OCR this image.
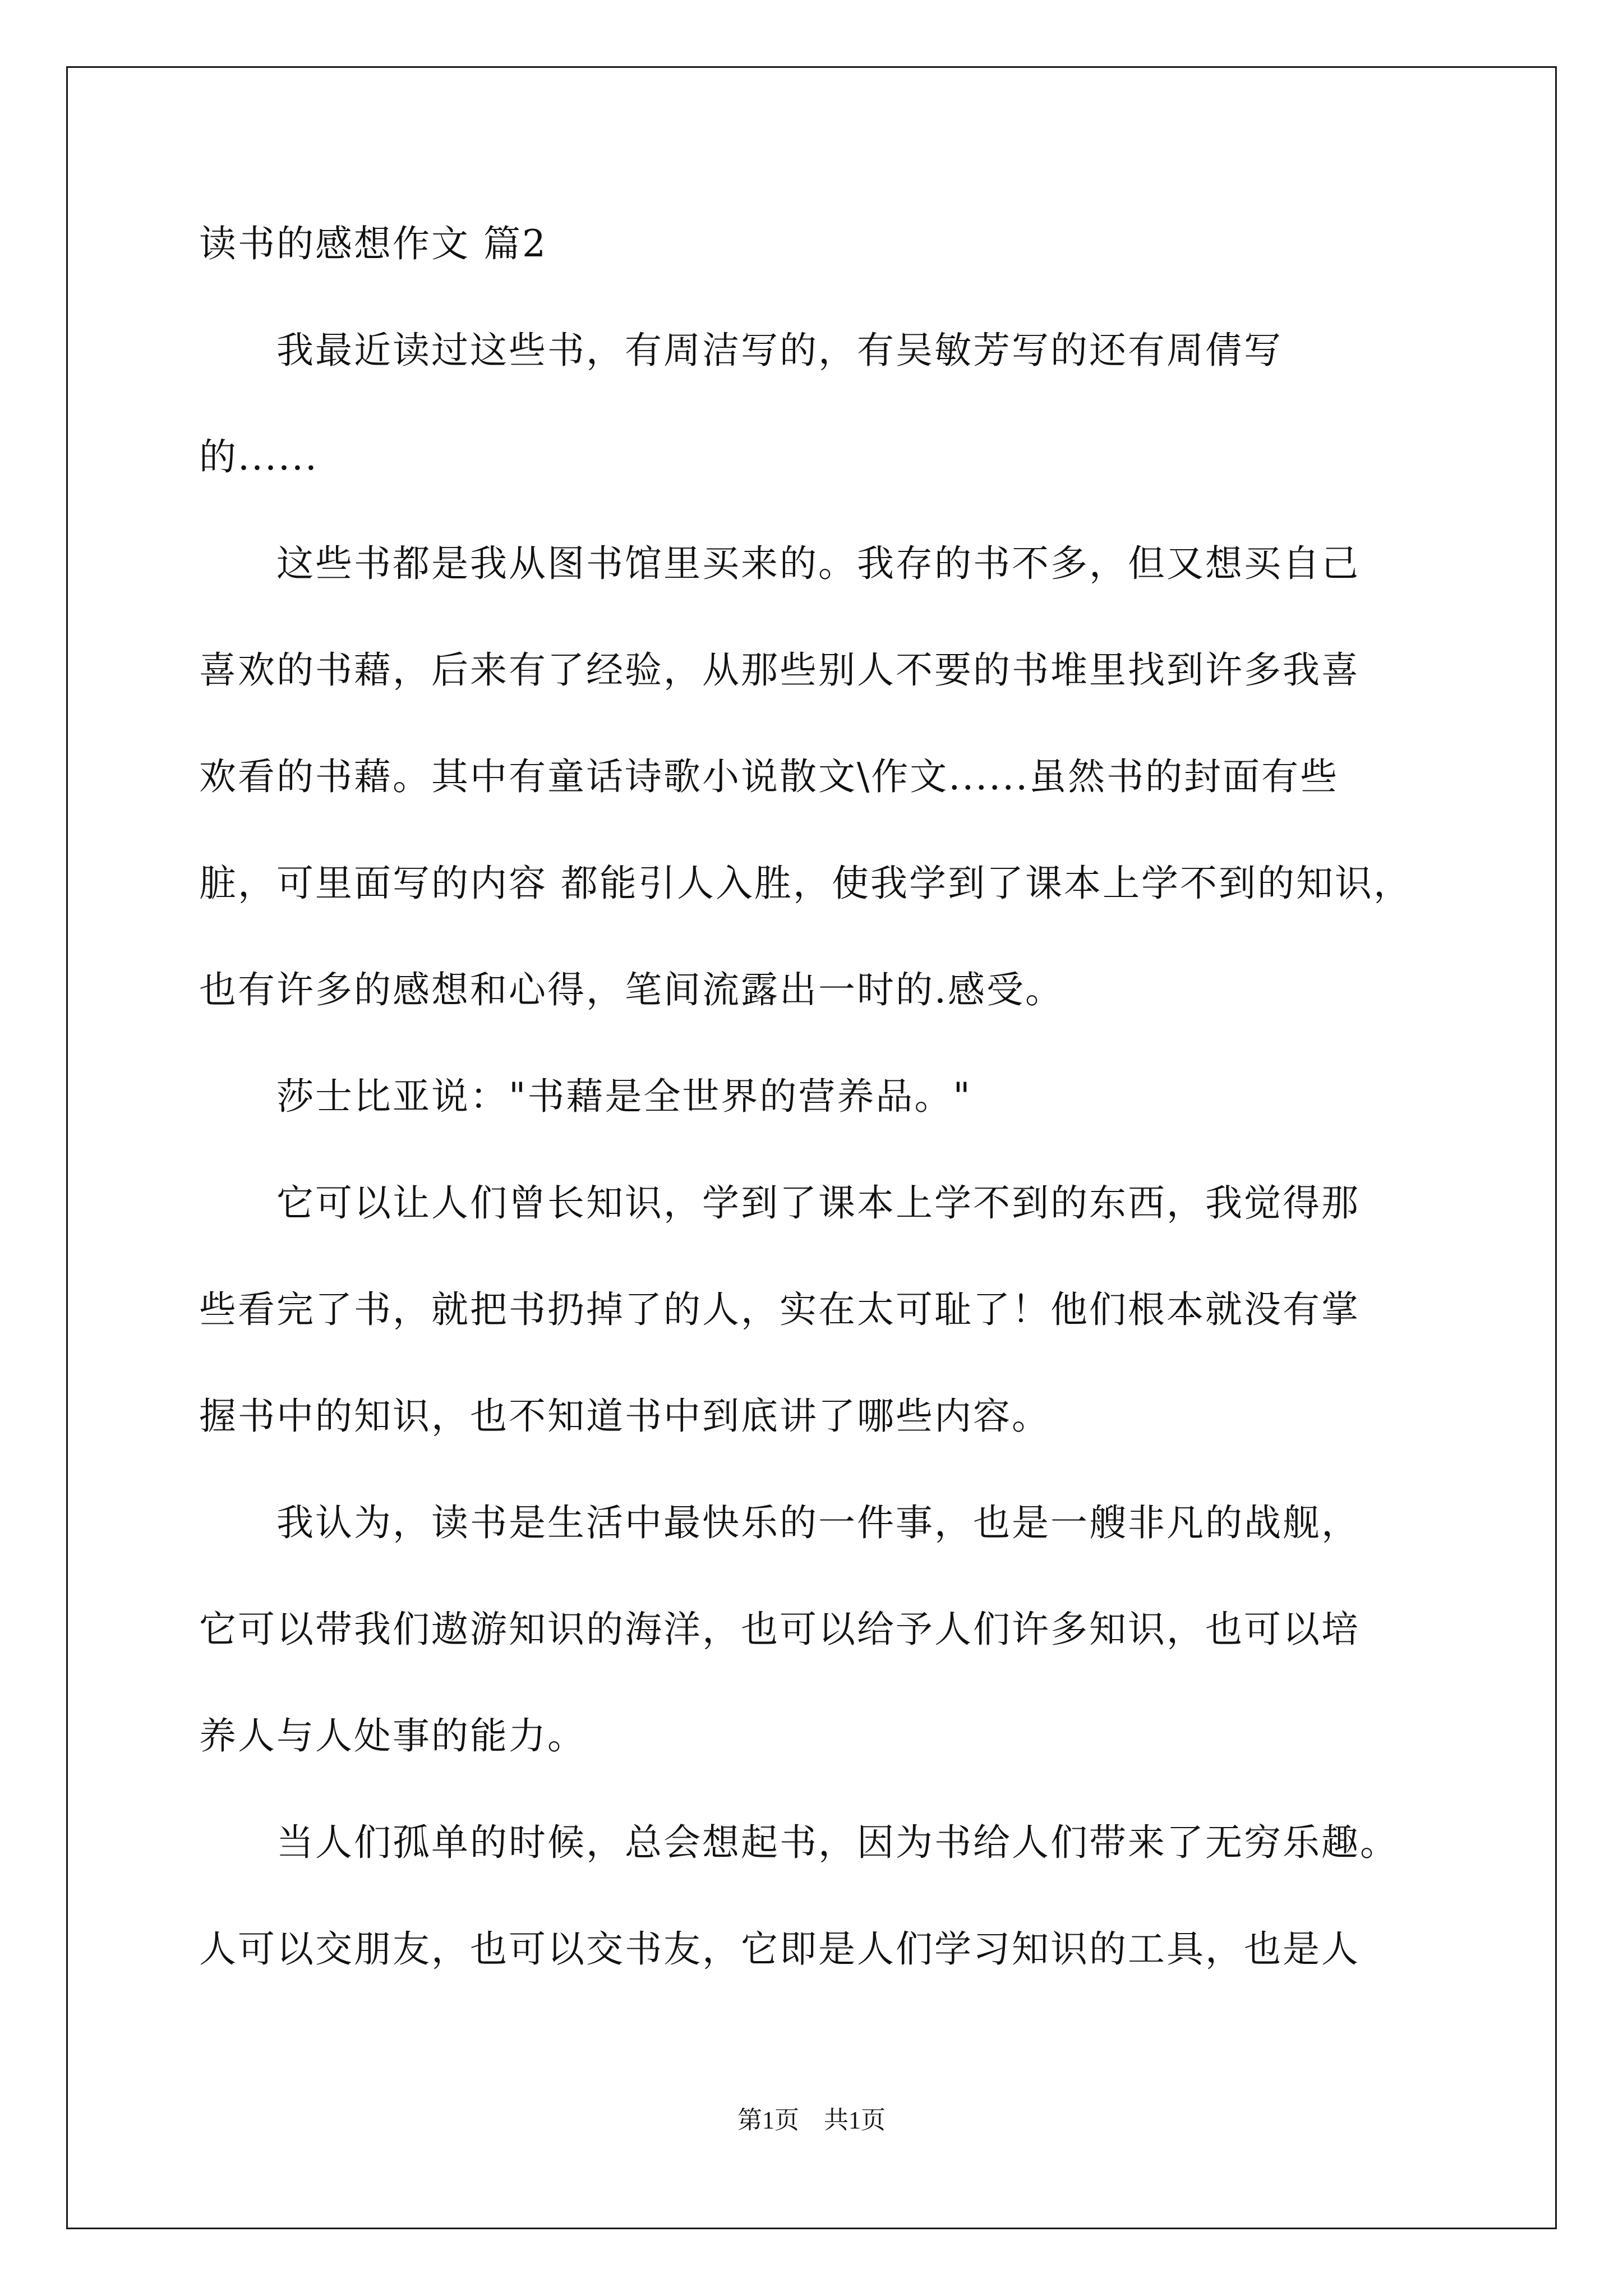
读书的感想作文 篇2
　　我最近读过这些书，有周洁写的，有吴敏芳写的还有周倩写
的......
　　这些书都是我从图书馆里买来的。我存的书不多，但又想买自己
喜欢的书藉，后来有了经验，从那些别人不要的书堆里找到许多我喜
欢看的书藉。其中有童话诗歌小说散文\作文......虽然书的封面有些
脏，可里面写的内容 都能引人入胜，使我学到了课本上学不到的知识，
也有许多的感想和心得，笔间流露出一时的.感受。
　　莎士比亚说："书藉是全世界的营养品。"
　　它可以让人们曾长知识，学到了课本上学不到的东西，我觉得那
些看完了书，就把书扔掉了的人，实在太可耻了！他们根本就没有掌
握书中的知识，也不知道书中到底讲了哪些内容。
　　我认为，读书是生活中最快乐的一件事，也是一艘非凡的战舰，
它可以带我们遨游知识的海洋，也可以给予人们许多知识，也可以培
养人与人处事的能力。
　　当人们孤单的时候，总会想起书，因为书给人们带来了无穷乐趣。
人可以交朋友，也可以交书友，它即是人们学习知识的工具，也是人
第1页　共1页
